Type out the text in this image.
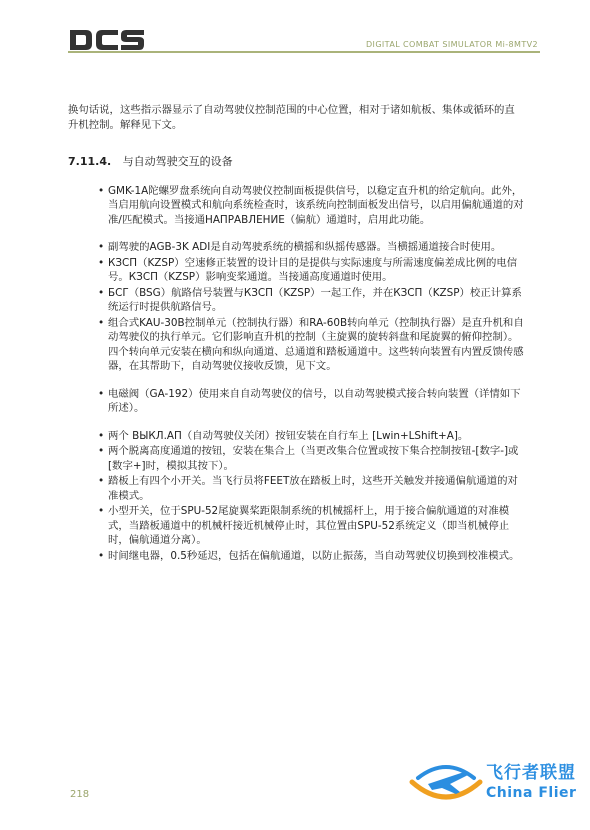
DIGITAL COMBAT SIMULATOR Mi-8MTV2

换句话说，这些指示器显示了自动驾驶仪控制范围的中心位置，相对于诸如航板、集体或循环的直升机控制。解释见下文。

7.11.4. 与自动驾驶交互的设备
• GMK-1A陀螺罗盘系统向自动驾驶仪控制面板提供信号，以稳定直升机的给定航向。此外，当启用航向设置模式和航向系统检查时，该系统向控制面板发出信号，以启用偏航通道的对准/匹配模式。当接通НАПРАВЛЕНИЕ（偏航）通道时，启用此功能。
• 副驾驶的AGB-3K ADI是自动驾驶系统的横摇和纵摇传感器。当横摇通道接合时使用。
• КЗСП（KZSP）空速修正装置的设计目的是提供与实际速度与所需速度偏差成比例的电信号。КЗСП（KZSP）影响变桨通道。当接通高度通道时使用。
• БСГ（BSG）航路信号装置与КЗСП（KZSP）一起工作，并在КЗСП（KZSP）校正计算系统运行时提供航路信号。
• 组合式KAU-30B控制单元（控制执行器）和RA-60B转向单元（控制执行器）是直升机和自动驾驶仪的执行单元。它们影响直升机的控制（主旋翼的旋转斜盘和尾旋翼的俯仰控制）。四个转向单元安装在横向和纵向通道、总通道和踏板通道中。这些转向装置有内置反馈传感器，在其帮助下，自动驾驶仪接收反馈，见下文。
• 电磁阀（GA-192）使用来自自动驾驶仪的信号，以自动驾驶模式接合转向装置（详情如下所述）。
• 两个 ВЫКЛ.АП（自动驾驶仪关闭）按钮安装在自行车上 [Lwin+LShift+A]。
• 两个脱离高度通道的按钮，安装在集合上（当更改集合位置或按下集合控制按钮-[数字-]或[数字+]时，模拟其按下）。
• 踏板上有四个小开关。当飞行员将FEET放在踏板上时，这些开关触发并接通偏航通道的对准模式。
• 小型开关，位于SPU-52尾旋翼桨距限制系统的机械摇杆上，用于接合偏航通道的对准模式，当踏板通道中的机械杆接近机械停止时，其位置由SPU-52系统定义（即当机械停止时，偏航通道分离）。
• 时间继电器，0.5秒延迟，包括在偏航通道，以防止振荡，当自动驾驶仪切换到校准模式。
218
飞行者联盟
China Flier
